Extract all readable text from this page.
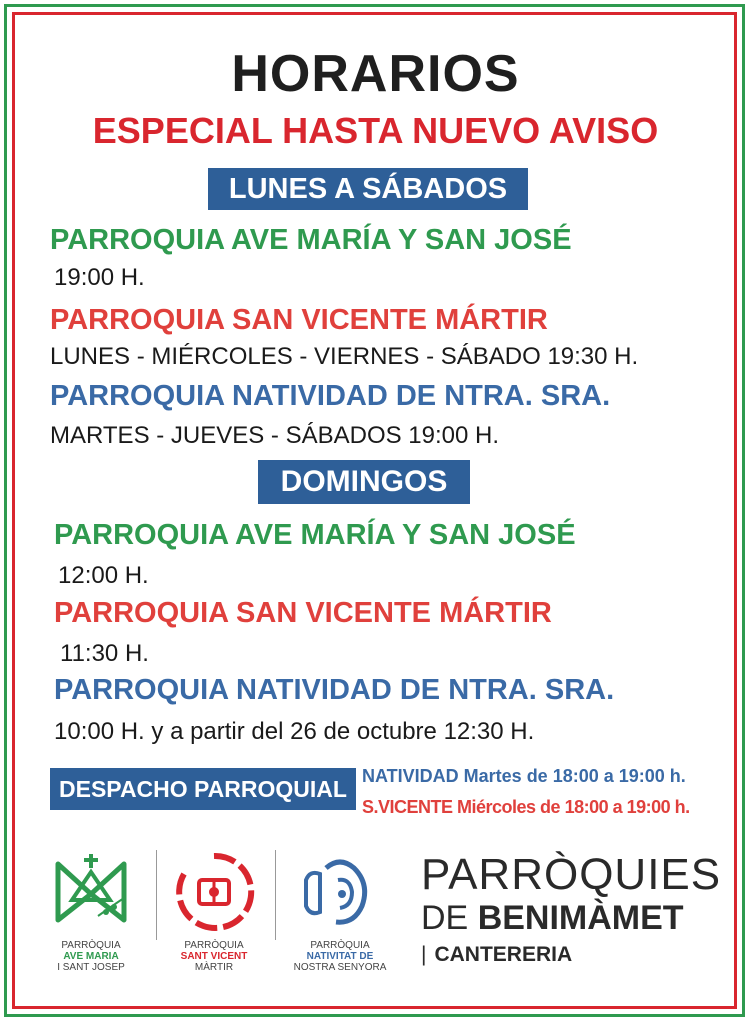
HORARIOS
ESPECIAL HASTA NUEVO AVISO
LUNES A SÁBADOS
PARROQUIA AVE MARÍA Y SAN JOSÉ
19:00 H.
PARROQUIA SAN VICENTE MÁRTIR
LUNES - MIÉRCOLES - VIERNES - SÁBADO 19:30 H.
PARROQUIA NATIVIDAD DE NTRA. SRA.
MARTES - JUEVES - SÁBADOS 19:00 H.
DOMINGOS
PARROQUIA AVE MARÍA Y SAN JOSÉ
12:00 H.
PARROQUIA SAN VICENTE MÁRTIR
11:30 H.
PARROQUIA NATIVIDAD DE NTRA. SRA.
10:00 H. y a partir del 26 de octubre 12:30 H.
DESPACHO PARROQUIAL NATIVIDAD Martes de 18:00 a 19:00 h.
S.VICENTE Miércoles de 18:00 a 19:00 h.
PARRÒQUIA
AVE MARIA
I SANT JOSEP
PARRÒQUIA
SANT VICENT
MÀRTIR
PARRÒQUIA
NATIVITAT DE
NOSTRA SENYORA
PARRÒQUIES
DE BENIMÀMET
| CANTERERIA
